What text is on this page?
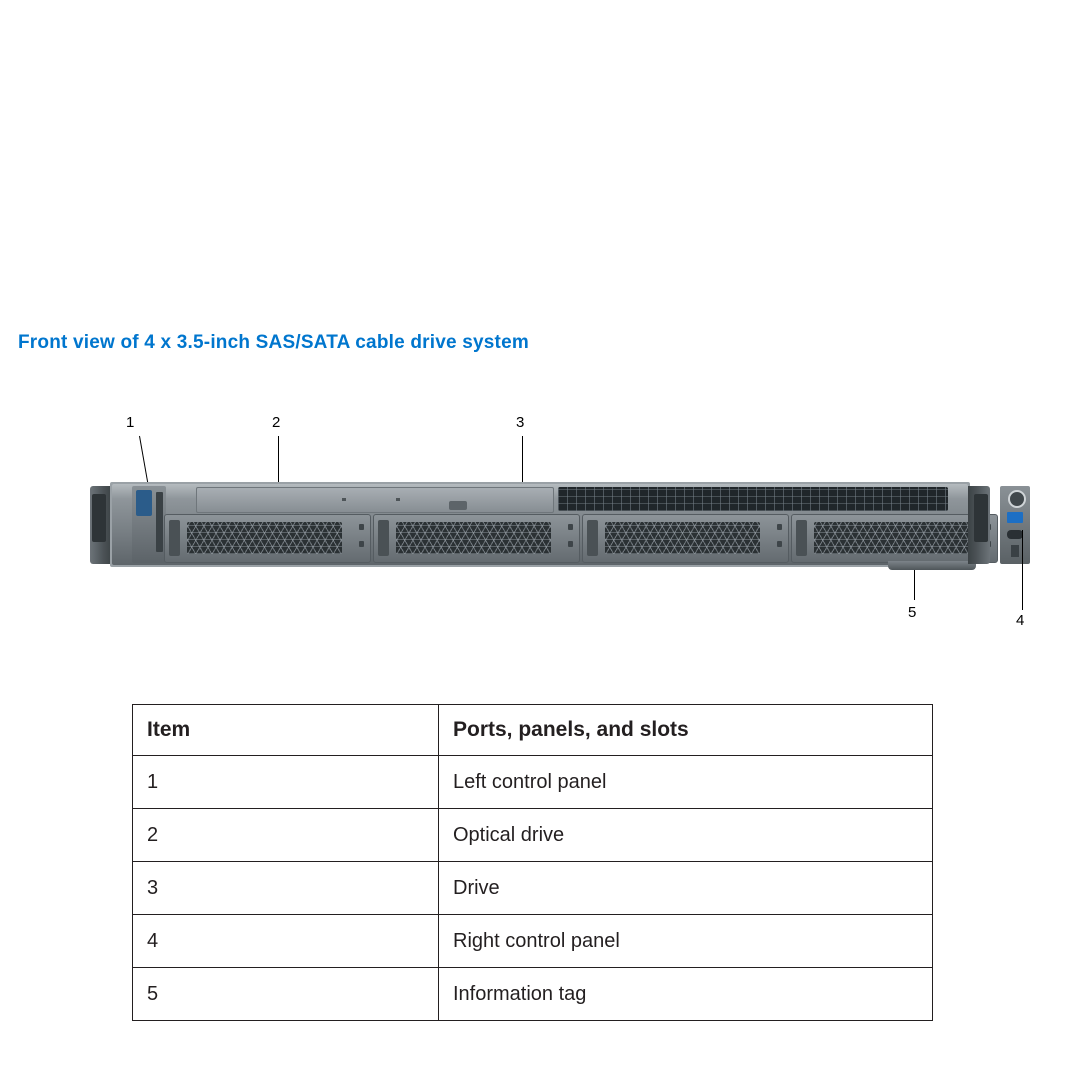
Front view of 4 x 3.5-inch SAS/SATA cable drive system
1	2	3
5	4
Item	Ports, panels, and slots
1	Left control panel
2	Optical drive
3	Drive
4	Right control panel
5	Information tag
